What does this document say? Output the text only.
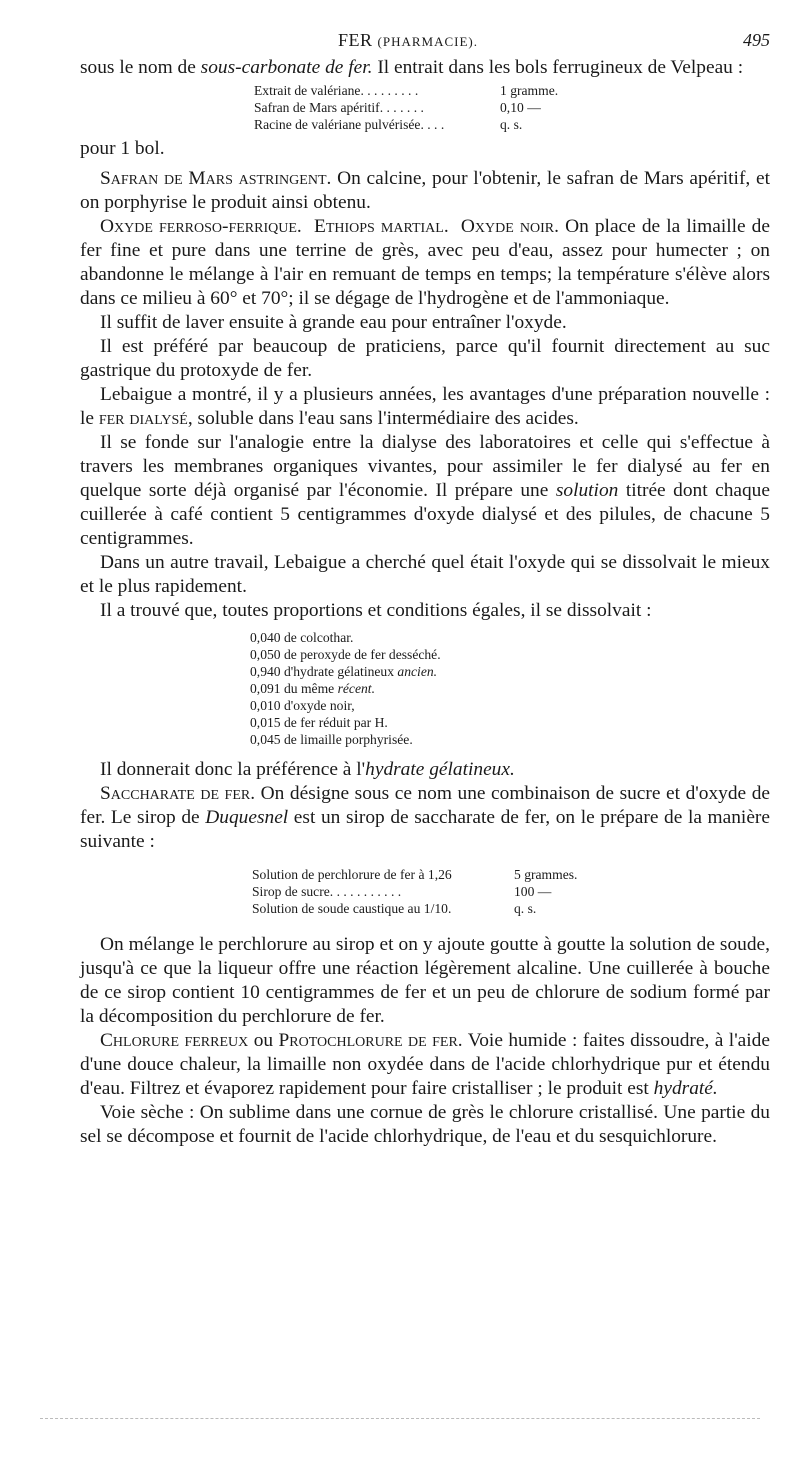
FER (PHARMACIE).	495

sous le nom de sous-carbonate de fer. Il entrait dans les bols ferrugineux de Velpeau :

Extrait de valériane. . . . . . . . .	1 gramme.
Safran de Mars apéritif. . . . . . .	0,10 —
Racine de valériane pulvérisée. . . .	q. s.

pour 1 bol.

Safran de Mars astringent. On calcine, pour l'obtenir, le safran de Mars apéritif, et on porphyrise le produit ainsi obtenu.

Oxyde ferroso-ferrique. Ethiops martial. Oxyde noir. On place de la limaille de fer fine et pure dans une terrine de grès, avec peu d'eau, assez pour humecter ; on abandonne le mélange à l'air en remuant de temps en temps; la température s'élève alors dans ce milieu à 60° et 70°; il se dégage de l'hydrogène et de l'ammoniaque.

Il suffit de laver ensuite à grande eau pour entraîner l'oxyde.

Il est préféré par beaucoup de praticiens, parce qu'il fournit directement au suc gastrique du protoxyde de fer.

Lebaigue a montré, il y a plusieurs années, les avantages d'une préparation nouvelle : le fer dialysé, soluble dans l'eau sans l'intermédiaire des acides.

Il se fonde sur l'analogie entre la dialyse des laboratoires et celle qui s'effectue à travers les membranes organiques vivantes, pour assimiler le fer dialysé au fer en quelque sorte déjà organisé par l'économie. Il prépare une solution titrée dont chaque cuillerée à café contient 5 centigrammes d'oxyde dialysé et des pilules, de chacune 5 centigrammes.

Dans un autre travail, Lebaigue a cherché quel était l'oxyde qui se dissolvait le mieux et le plus rapidement.

Il a trouvé que, toutes proportions et conditions égales, il se dissolvait :

0,040 de colcothar.
0,050 de peroxyde de fer desséché.
0,940 d'hydrate gélatineux ancien.
0,091 du même récent.
0,010 d'oxyde noir,
0,015 de fer réduit par H.
0,045 de limaille porphyrisée.

Il donnerait donc la préférence à l'hydrate gélatineux.

Saccharate de fer. On désigne sous ce nom une combinaison de sucre et d'oxyde de fer. Le sirop de Duquesnel est un sirop de saccharate de fer, on le prépare de la manière suivante :

Solution de perchlorure de fer à 1,26	5 grammes.
Sirop de sucre. . . . . . . . . . .	100 —
Solution de soude caustique au 1/10.	q. s.

On mélange le perchlorure au sirop et on y ajoute goutte à goutte la solution de soude, jusqu'à ce que la liqueur offre une réaction légèrement alcaline. Une cuillerée à bouche de ce sirop contient 10 centigrammes de fer et un peu de chlorure de sodium formé par la décomposition du perchlorure de fer.

Chlorure ferreux ou Protochlorure de fer. Voie humide : faites dissoudre, à l'aide d'une douce chaleur, la limaille non oxydée dans de l'acide chlorhydrique pur et étendu d'eau. Filtrez et évaporez rapidement pour faire cristalliser ; le produit est hydraté.

Voie sèche : On sublime dans une cornue de grès le chlorure cristallisé. Une partie du sel se décompose et fournit de l'acide chlorhydrique, de l'eau et du sesquichlorure.
